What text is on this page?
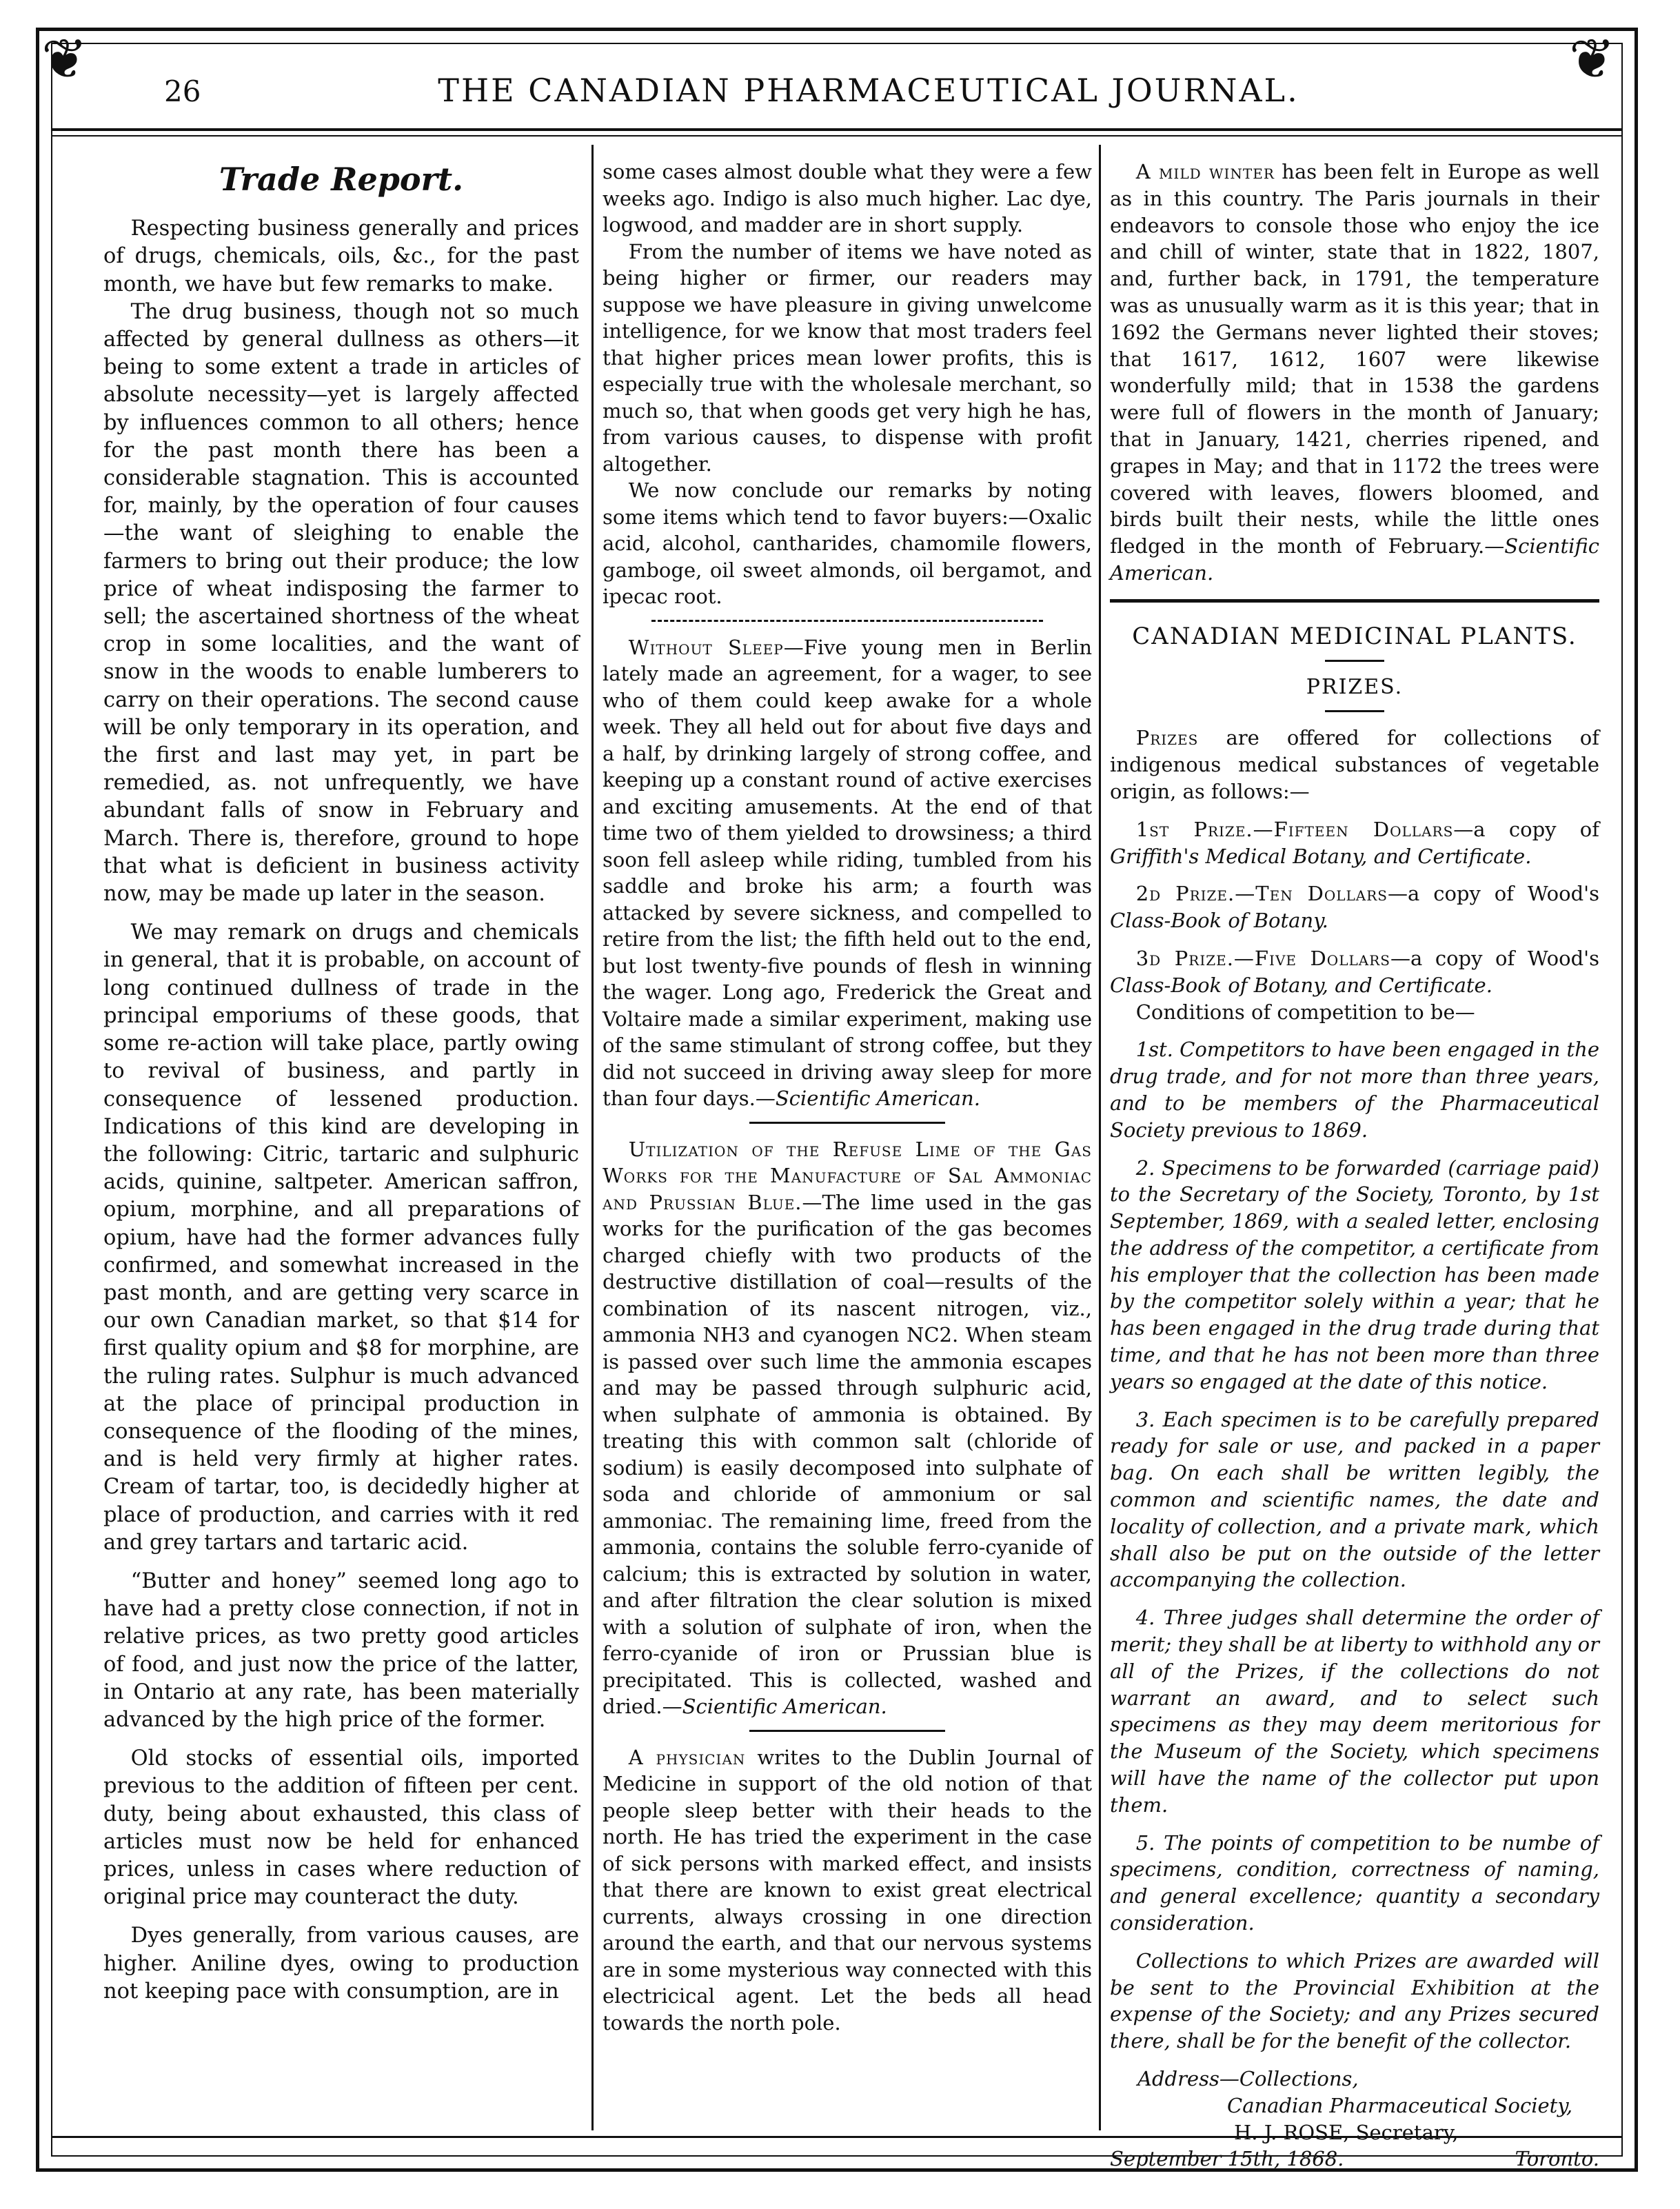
❦	❦
26	THE CANADIAN PHARMACEUTICAL JOURNAL.
Trade Report.

Respecting business generally and prices of drugs, chemicals, oils, &c., for the past month, we have but few remarks to make.

The drug business, though not so much affected by general dullness as others—it being to some extent a trade in articles of absolute necessity—yet is largely affected by influences common to all others; hence for the past month there has been a considerable stagnation. This is accounted for, mainly, by the operation of four causes—the want of sleighing to enable the farmers to bring out their produce; the low price of wheat indisposing the farmer to sell; the ascertained shortness of the wheat crop in some localities, and the want of snow in the woods to enable lumberers to carry on their operations. The second cause will be only temporary in its operation, and the first and last may yet, in part be remedied, as. not unfrequently, we have abundant falls of snow in February and March. There is, therefore, ground to hope that what is deficient in business activity now, may be made up later in the season.

We may remark on drugs and chemicals in general, that it is probable, on account of long continued dullness of trade in the principal emporiums of these goods, that some re-action will take place, partly owing to revival of business, and partly in consequence of lessened production. Indications of this kind are developing in the following: Citric, tartaric and sulphuric acids, quinine, saltpeter. American saffron, opium, morphine, and all preparations of opium, have had the former advances fully confirmed, and somewhat increased in the past month, and are getting very scarce in our own Canadian market, so that $14 for first quality opium and $8 for morphine, are the ruling rates. Sulphur is much advanced at the place of principal production in consequence of the flooding of the mines, and is held very firmly at higher rates. Cream of tartar, too, is decidedly higher at place of production, and carries with it red and grey tartars and tartaric acid.

“Butter and honey” seemed long ago to have had a pretty close connection, if not in relative prices, as two pretty good articles of food, and just now the price of the latter, in Ontario at any rate, has been materially advanced by the high price of the former.

Old stocks of essential oils, imported previous to the addition of fifteen per cent. duty, being about exhausted, this class of articles must now be held for enhanced prices, unless in cases where reduction of original price may counteract the duty.

Dyes generally, from various causes, are higher. Aniline dyes, owing to production not keeping pace with consumption, are in

some cases almost double what they were a few weeks ago. Indigo is also much higher. Lac dye, logwood, and madder are in short supply.

From the number of items we have noted as being higher or firmer, our readers may suppose we have pleasure in giving unwelcome intelligence, for we know that most traders feel that higher prices mean lower profits, this is especially true with the wholesale merchant, so much so, that when goods get very high he has, from various causes, to dispense with profit altogether.

We now conclude our remarks by noting some items which tend to favor buyers:—Oxalic acid, alcohol, cantharides, chamomile flowers, gamboge, oil sweet almonds, oil bergamot, and ipecac root.

Without Sleep—Five young men in Berlin lately made an agreement, for a wager, to see who of them could keep awake for a whole week. They all held out for about five days and a half, by drinking largely of strong coffee, and keeping up a constant round of active exercises and exciting amusements. At the end of that time two of them yielded to drowsiness; a third soon fell asleep while riding, tumbled from his saddle and broke his arm; a fourth was attacked by severe sickness, and compelled to retire from the list; the fifth held out to the end, but lost twenty-five pounds of flesh in winning the wager. Long ago, Frederick the Great and Voltaire made a similar experiment, making use of the same stimulant of strong coffee, but they did not succeed in driving away sleep for more than four days.—Scientific American.

Utilization of the Refuse Lime of the Gas Works for the Manufacture of Sal Ammoniac and Prussian Blue.—The lime used in the gas works for the purification of the gas becomes charged chiefly with two products of the destructive distillation of coal—results of the combination of its nascent nitrogen, viz., ammonia NH3 and cyanogen NC2. When steam is passed over such lime the ammonia escapes and may be passed through sulphuric acid, when sulphate of ammonia is obtained. By treating this with common salt (chloride of sodium) is easily decomposed into sulphate of soda and chloride of ammonium or sal ammoniac. The remaining lime, freed from the ammonia, contains the soluble ferro-cyanide of calcium; this is extracted by solution in water, and after filtration the clear solution is mixed with a solution of sulphate of iron, when the ferro-cyanide of iron or Prussian blue is precipitated. This is collected, washed and dried.—Scientific American.

A physician writes to the Dublin Journal of Medicine in support of the old notion of that people sleep better with their heads to the north. He has tried the experiment in the case of sick persons with marked effect, and insists that there are known to exist great electrical currents, always crossing in one direction around the earth, and that our nervous systems are in some mysterious way connected with this electricical agent. Let the beds all head towards the north pole.

A mild winter has been felt in Europe as well as in this country. The Paris journals in their endeavors to console those who enjoy the ice and chill of winter, state that in 1822, 1807, and, further back, in 1791, the temperature was as unusually warm as it is this year; that in 1692 the Germans never lighted their stoves; that 1617, 1612, 1607 were likewise wonderfully mild; that in 1538 the gardens were full of flowers in the month of January; that in January, 1421, cherries ripened, and grapes in May; and that in 1172 the trees were covered with leaves, flowers bloomed, and birds built their nests, while the little ones fledged in the month of February.—Scientific American.

CANADIAN MEDICINAL PLANTS.
PRIZES.

Prizes are offered for collections of indigenous medical substances of vegetable origin, as follows:—

1st Prize.—Fifteen Dollars—a copy of Griffith's Medical Botany, and Certificate.

2d Prize.—Ten Dollars—a copy of Wood's Class-Book of Botany.

3d Prize.—Five Dollars—a copy of Wood's Class-Book of Botany, and Certificate.

Conditions of competition to be—

1st. Competitors to have been engaged in the drug trade, and for not more than three years, and to be members of the Pharmaceutical Society previous to 1869.

2. Specimens to be forwarded (carriage paid) to the Secretary of the Society, Toronto, by 1st September, 1869, with a sealed letter, enclosing the address of the competitor, a certificate from his employer that the collection has been made by the competitor solely within a year; that he has been engaged in the drug trade during that time, and that he has not been more than three years so engaged at the date of this notice.

3. Each specimen is to be carefully prepared ready for sale or use, and packed in a paper bag. On each shall be written legibly, the common and scientific names, the date and locality of collection, and a private mark, which shall also be put on the outside of the letter accompanying the collection.

4. Three judges shall determine the order of merit; they shall be at liberty to withhold any or all of the Prizes, if the collections do not warrant an award, and to select such specimens as they may deem meritorious for the Museum of the Society, which specimens will have the name of the collector put upon them.

5. The points of competition to be numbe of specimens, condition, correctness of naming, and general excellence; quantity a secondary consideration.

Collections to which Prizes are awarded will be sent to the Provincial Exhibition at the expense of the Society; and any Prizes secured there, shall be for the benefit of the collector.

Address—Collections,
Canadian Pharmaceutical Society,
H. J. ROSE, Secretary,
September 15th, 1868.	Toronto.
